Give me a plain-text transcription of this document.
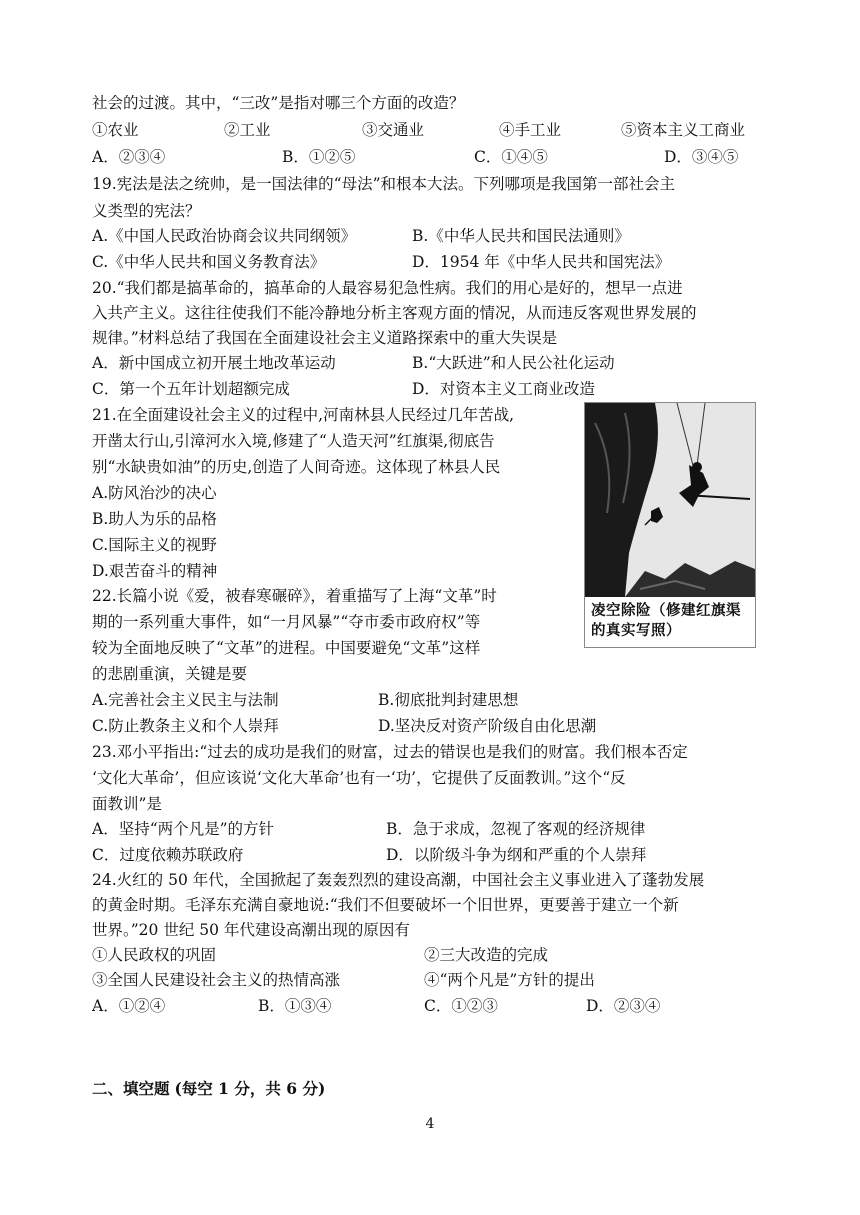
社会的过渡。其中，“三改”是指对哪三个方面的改造？
①农业	②工业	③交通业	④手工业	⑤资本主义工商业
A．②③④	B．①②⑤	C．①④⑤	D．③④⑤
19.宪法是法之统帅，是一国法律的“母法”和根本大法。下列哪项是我国第一部社会主
义类型的宪法？
A.《中国人民政治协商会议共同纲领》	B.《中华人民共和国民法通则》
C.《中华人民共和国义务教育法》	D．1954 年《中华人民共和国宪法》
20.“我们都是搞革命的，搞革命的人最容易犯急性病。我们的用心是好的，想早一点进
入共产主义。这往往使我们不能冷静地分析主客观方面的情况，从而违反客观世界发展的
规律。”材料总结了我国在全面建设社会主义道路探索中的重大失误是
A．新中国成立初开展土地改革运动	B.“大跃进”和人民公社化运动
C．第一个五年计划超额完成	D．对资本主义工商业改造
21.在全面建设社会主义的过程中,河南林县人民经过几年苦战,
开凿太行山,引漳河水入境,修建了“人造天河”红旗渠,彻底告
别“水缺贵如油”的历史,创造了人间奇迹。这体现了林县人民
A.防风治沙的决心
B.助人为乐的品格
C.国际主义的视野
D.艰苦奋斗的精神
凌空除险（修建红旗渠的真实写照）
22.长篇小说《爱，被春寒碾碎》，着重描写了上海“文革”时
期的一系列重大事件，如“一月风暴”“夺市委市政府权”等
较为全面地反映了“文革”的进程。中国要避免“文革”这样
的悲剧重演，关键是要
A.完善社会主义民主与法制	B.彻底批判封建思想
C.防止教条主义和个人崇拜	D.坚决反对资产阶级自由化思潮
23.邓小平指出:“过去的成功是我们的财富，过去的错误也是我们的财富。我们根本否定
‘文化大革命’，但应该说‘文化大革命’也有一‘功’，它提供了反面教训。”这个“反
面教训”是
A．坚持“两个凡是”的方针	B．急于求成，忽视了客观的经济规律
C．过度依赖苏联政府	D．以阶级斗争为纲和严重的个人崇拜
24.火红的 50 年代，全国掀起了轰轰烈烈的建设高潮，中国社会主义事业进入了蓬勃发展
的黄金时期。毛泽东充满自豪地说:“我们不但要破坏一个旧世界，更要善于建立一个新
世界。”20 世纪 50 年代建设高潮出现的原因有
①人民政权的巩固	②三大改造的完成
③全国人民建设社会主义的热情高涨	④“两个凡是”方针的提出
A．①②④	B．①③④	C．①②③	D．②③④
二、填空题 (每空 1 分，共 6 分)
4
